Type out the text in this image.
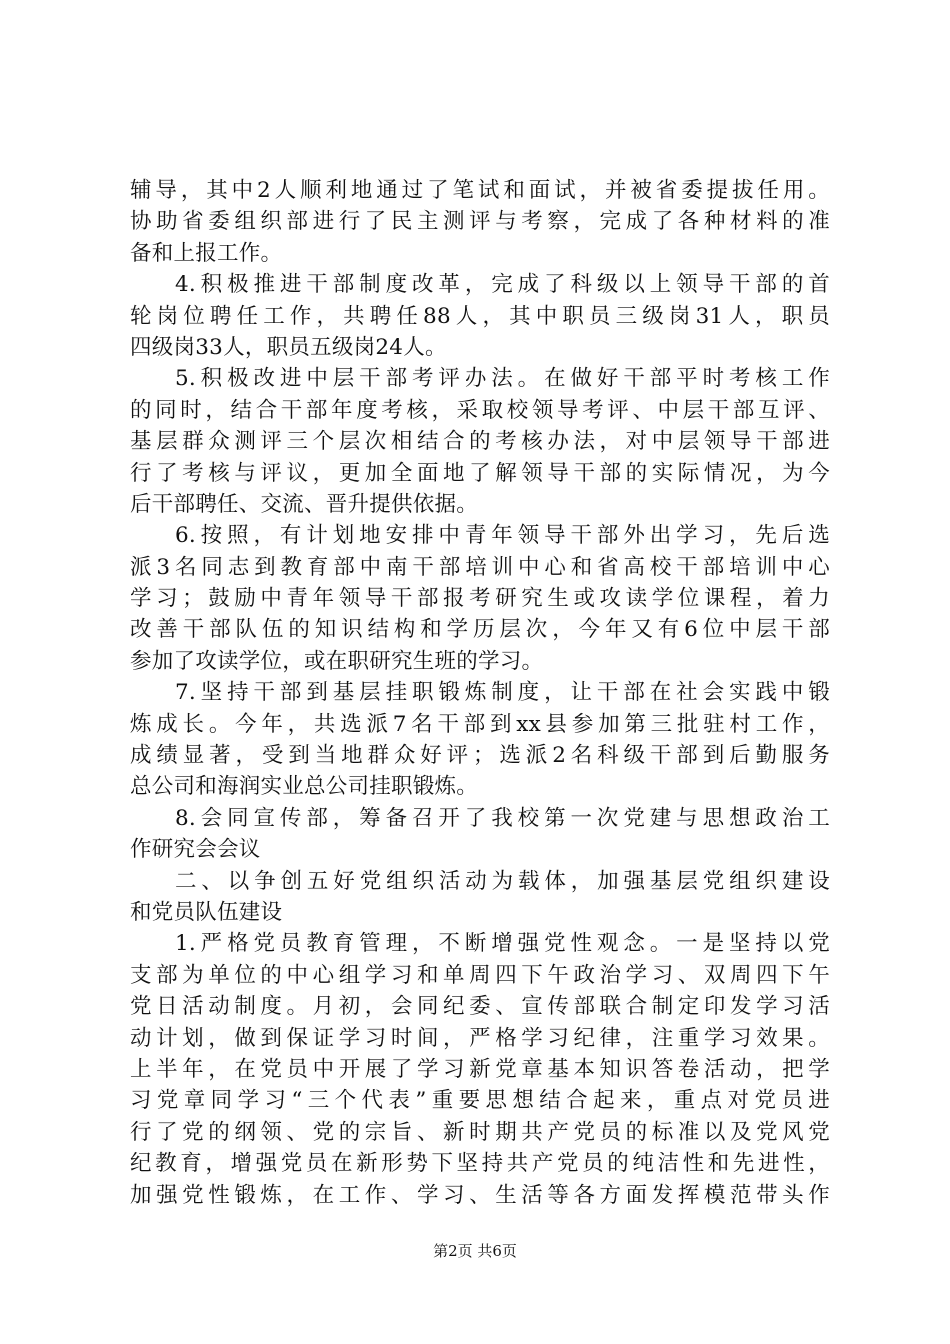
辅导，其中2人顺利地通过了笔试和面试，并被省委提拔任用。
协助省委组织部进行了民主测评与考察，完成了各种材料的准
备和上报工作。
4.积极推进干部制度改革，完成了科级以上领导干部的首
轮岗位聘任工作，共聘任88人，其中职员三级岗31人，职员
四级岗33人，职员五级岗24人。
5.积极改进中层干部考评办法。在做好干部平时考核工作
的同时，结合干部年度考核，采取校领导考评、中层干部互评、
基层群众测评三个层次相结合的考核办法，对中层领导干部进
行了考核与评议，更加全面地了解领导干部的实际情况，为今
后干部聘任、交流、晋升提供依据。
6.按照，有计划地安排中青年领导干部外出学习，先后选
派3名同志到教育部中南干部培训中心和省高校干部培训中心
学习；鼓励中青年领导干部报考研究生或攻读学位课程，着力
改善干部队伍的知识结构和学历层次，今年又有6位中层干部
参加了攻读学位，或在职研究生班的学习。
7.坚持干部到基层挂职锻炼制度，让干部在社会实践中锻
炼成长。今年，共选派7名干部到xx县参加第三批驻村工作，
成绩显著，受到当地群众好评；选派2名科级干部到后勤服务
总公司和海润实业总公司挂职锻炼。
8.会同宣传部，筹备召开了我校第一次党建与思想政治工
作研究会会议
二、以争创五好党组织活动为载体，加强基层党组织建设
和党员队伍建设
1.严格党员教育管理，不断增强党性观念。一是坚持以党
支部为单位的中心组学习和单周四下午政治学习、双周四下午
党日活动制度。月初，会同纪委、宣传部联合制定印发学习活
动计划，做到保证学习时间，严格学习纪律，注重学习效果。
上半年，在党员中开展了学习新党章基本知识答卷活动，把学
习党章同学习“三个代表”重要思想结合起来，重点对党员进
行了党的纲领、党的宗旨、新时期共产党员的标准以及党风党
纪教育，增强党员在新形势下坚持共产党员的纯洁性和先进性，
加强党性锻炼，在工作、学习、生活等各方面发挥模范带头作
第2页 共6页
